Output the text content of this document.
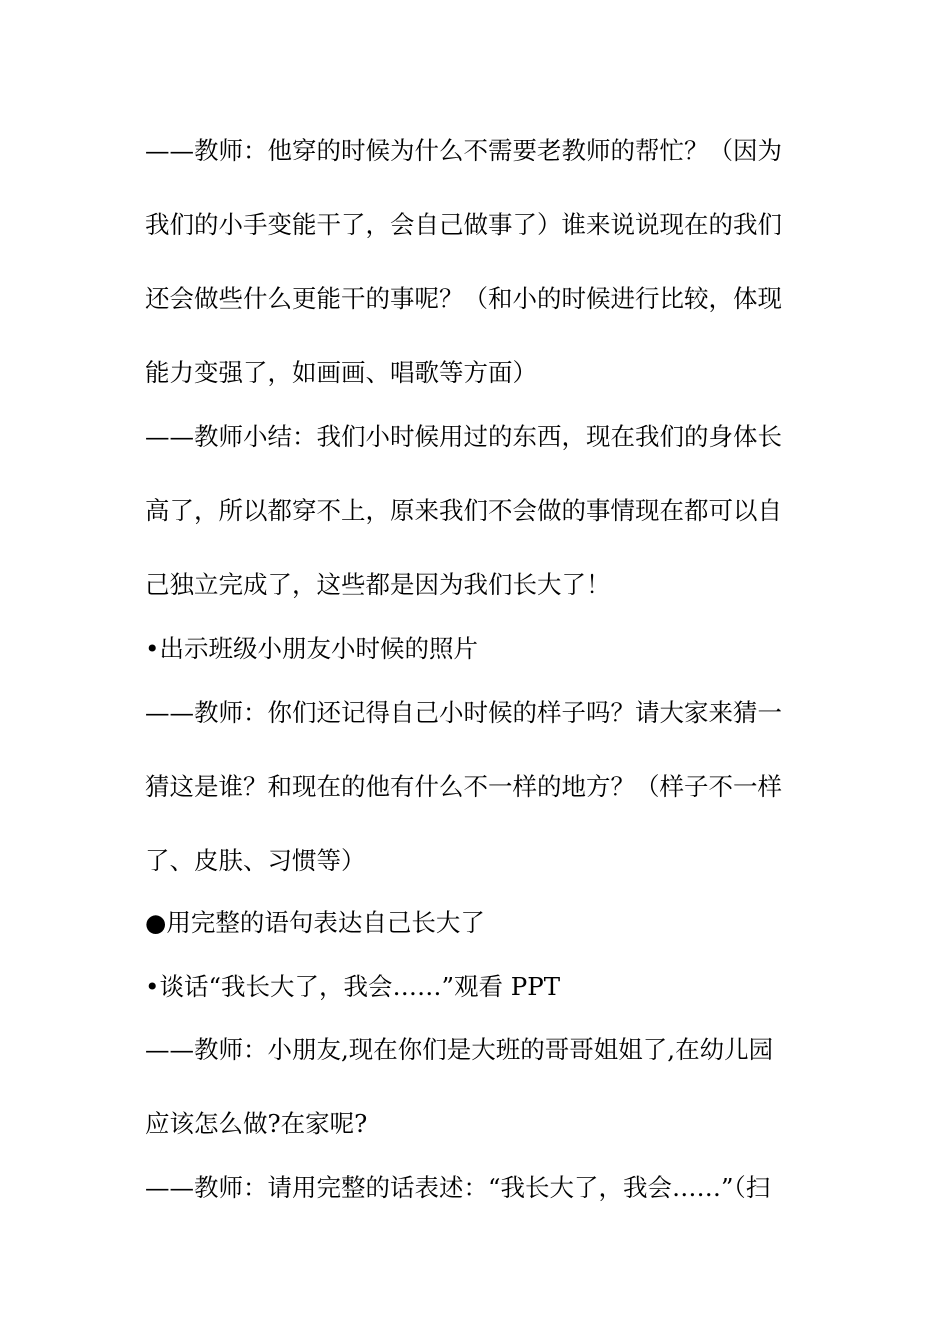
——教师：他穿的时候为什么不需要老教师的帮忙？（因为
我们的小手变能干了，会自己做事了）谁来说说现在的我们
还会做些什么更能干的事呢？（和小的时候进行比较，体现
能力变强了，如画画、唱歌等方面）
——教师小结：我们小时候用过的东西，现在我们的身体长
高了，所以都穿不上，原来我们不会做的事情现在都可以自
己独立完成了，这些都是因为我们长大了！
•出示班级小朋友小时候的照片
——教师：你们还记得自己小时候的样子吗？请大家来猜一
猜这是谁？和现在的他有什么不一样的地方？（样子不一样
了、皮肤、习惯等）
●用完整的语句表达自己长大了
•谈话“我长大了，我会……”观看 PPT
——教师：小朋友,现在你们是大班的哥哥姐姐了,在幼儿园
应该怎么做?在家呢?
——教师：请用完整的话表述：“我长大了，我会……”（扫
